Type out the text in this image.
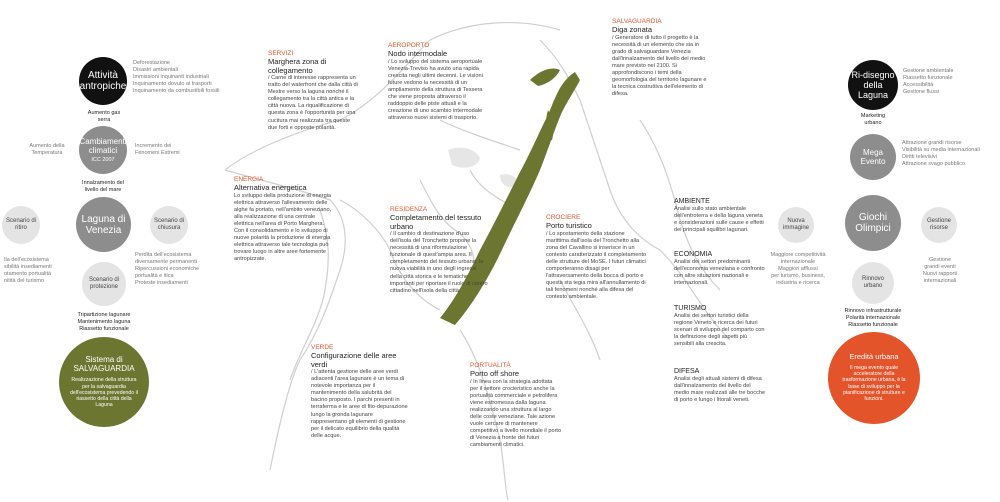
Attività antropiche
Deforestazione
Disastri ambientali
Immissioni inquinanti industriali
Inquinamento dovuto ai trasporti
Inquinamento da combustibili fossili
Aumento gas serra
Cambiamenti climatici
ICC 2007
Aumento della
Temperatura
Incremento dei
Fenomeni Estremi
Innalzamento del
livello del mare
Laguna di Venezia
Scenario di ritiro
Ila dell'ecosistema
sibilità insediamenti
otamento portualità
nitità del turismo
Scenario di chiusura
Perdita dell'ecosistema
diversamente permanenti
Ripercussioni economiche
portualità e itica
Proteste insediamenti
Scenario di protezione
Tripartizione lagunare
Mantenimento laguna
Riassetto funzionale
Sistema di SALVAGUARDIA
Realizzazione della struttura per la salvaguardia dell'ecosistema prevedendo il riassetto della città della Laguna
Ri-disegno della Laguna
Gestione ambientale
Riassetto funzionale
Accessibilità
Gestione flussi
Marketing
urbano
Mega Evento
Attrazione grandi risorse
Visibilità su media internazionali
Diritti televisivi
Attrazione svago pubblico
Giochi Olimpici
Nuova immagine
Maggiore competitività
internazionale
Maggiori afflussi
per turismo, business,
industria e ricerca
Gestione risorse
Gestione
grandi eventi
Nuovi rapporti
internazionali
Rinnovo urbano
Rinnovo infrastrutturale
Polarità internazionale
Riassetto funzionale
Eredità urbana
Il mega evento quale acceleratore della trasformazione urbana, è la base di sviluppo per la pianificazione di strutture e funzioni.
SERVIZI
Marghera zona di collegamento
/ Carne di interesse rappresenta un tratto del waterfront che dalla città di Mestre verso la laguna nonché il collegamento tra la città antica e la città nuova. La riqualificazione di questa zona è l'opportunità per una cucitura mai realizzata tra queste due forti e opposte polarità.
AEROPORTO
Nodo intermodale
/ Lo sviluppo del sistema aeroportuale Venezia-Treviso ha avuto una rapida crescita negli ultimi decenni. Le visioni future vedono la necessità di un ampliamento della struttura di Tessera che viene proposta attraverso il raddoppio delle piste attuali e la creazione di uno scambio intermodale attraverso nuovi sistemi di trasporto.
SALVAGUARDIA
Diga zonata
/ Generatore di tutto il progetto è la necessità di un elemento che sia in grado di salvaguardare Venezia dall'innalzamento del livello del medio mare previsto nel 2100. Si approfondiscono i temi della geomorfologia del territorio lagunare e la tecnica costruttiva dell'elemento di difesa.
ENERGIA
Alternativa energetica
Lo sviluppo della produzione di energia elettrica attraverso l'allevamento delle alghe fa portato, nell'ambito veneziano, alla realizzazione di una centrale elettrica nell'area di Porto Marghera. Con il consolidamento e lo sviluppo di nuove polarità la produzione di energia elettrica attraverso tale tecnologia può trovare luogo in altre aree fortemente antropizzate.
RESIDENZA
Completamento del tessuto urbano
/ Il cambio di destinazione d'uso dell'isola del Tronchetto propone la necessità di una riformulazione funzionale di quest'ampia area. Il completamento del tessuto urbano, la nuova viabilità in uno degli ingressi della città storica e le tematiche importanti per riportare il ruolo di centro cittadino nell'isola della città.
CROCIERE
Porto turistico
/ Lo spostamento della stazione marittima dall'isola del Tronchetto alla zona del Cavallino si inserisce in un contesto caratterizzato il completamento delle strutture del MoSE. I futuri climatici comporteranno disagi per l'attraversamento della bocca di porto e questa sta tegia mira all'annullamento di tali fenomeni nonché alla difesa del contesto ambientale.
VERDE
Configurazione delle aree verdi
/ L'attenta gestione delle aree verdi adiacenti l'area lagunare è un tema di notevole importanza per il mantenimento della salubrità del bacino proposto. I parchi presenti in terraferma e le aree di fito-depurazione lungo la gronda lagunare rappresentano gli elementi di gestione per il delicato equilibrio della qualità delle acque.
PORTUALITÀ
Porto off shore
/ In linea con la strategia adottata per il settore crocieristico anche la portualità commerciale e petrolifera viene estromessa dalla laguna realizzando una struttura al largo delle coste veneziane. Tale azione vuole cercare di mantenere competitivo a livello mondiale il porto di Venezia a fronte dei futuri cambiamenti climatici.
AMBIENTE
Analisi sullo stato ambientale dell'entroterra e della laguna veneta e considerazioni sulle cause e effetti dei principali squilibri lagunari.
ECONOMIA
Analisi dei settori predominanti dell'economia veneziana e confronto con altre situazioni nazionali e internazionali.
TURISMO
Analisi dei settori turistici della regione Veneto e ricerca dei futuri scenari di sviluppo del comparto con la definizione degli aspetti più sensibili alla crescita.
DIFESA
Analisi degli attuali sistemi di difesa dall'innalzamento del livello del medio mare realizzati alle tre bocche di porto e lungo i litorali veneti.
